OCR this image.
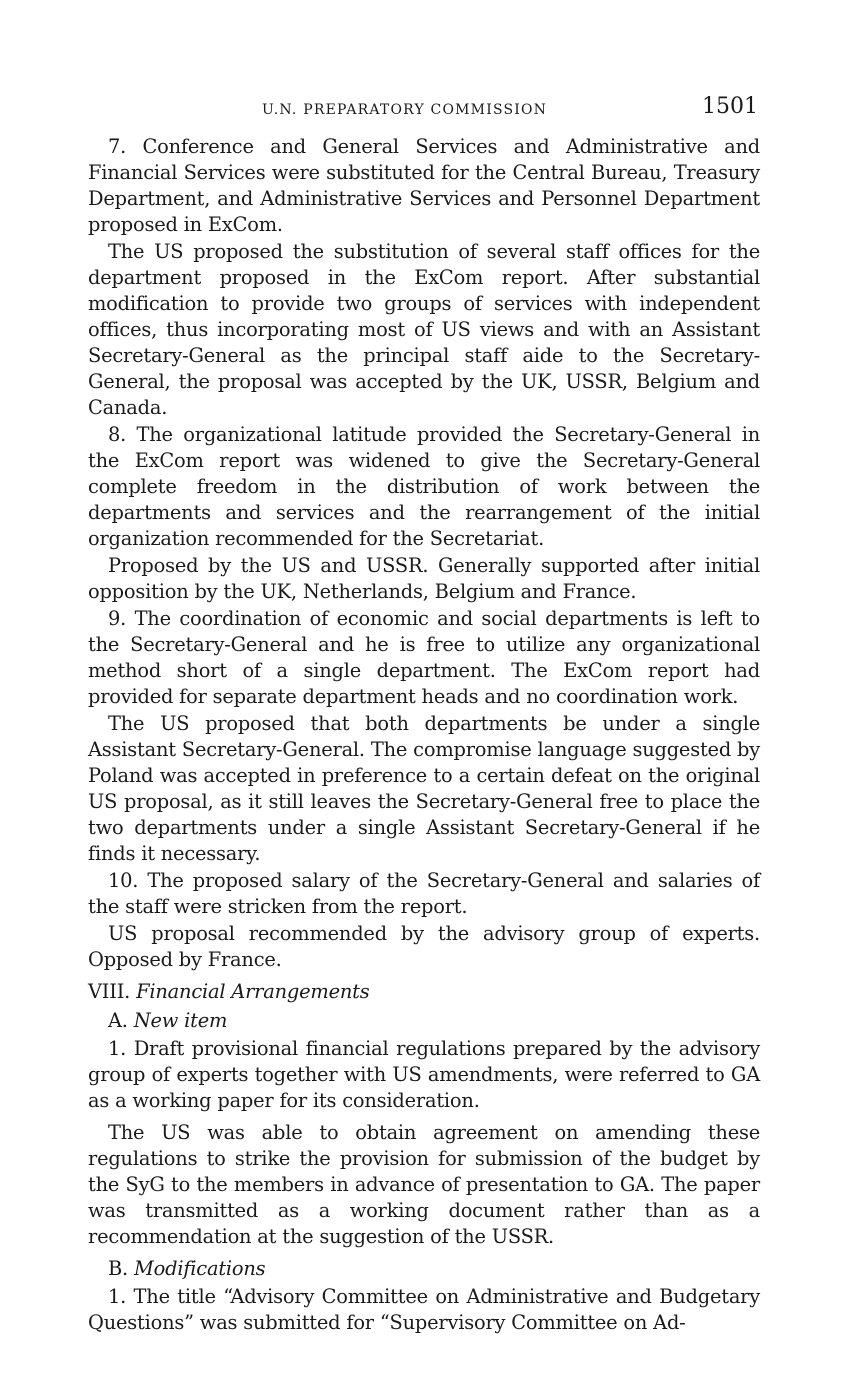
U.N. PREPARATORY COMMISSION	1501

7. Conference and General Services and Administrative and Financial Services were substituted for the Central Bureau, Treasury Department, and Administrative Services and Personnel Department proposed in ExCom.

The US proposed the substitution of several staff offices for the department proposed in the ExCom report. After substantial modification to provide two groups of services with independent offices, thus incorporating most of US views and with an Assistant Secretary-General as the principal staff aide to the Secretary-General, the proposal was accepted by the UK, USSR, Belgium and Canada.

8. The organizational latitude provided the Secretary-General in the ExCom report was widened to give the Secretary-General complete freedom in the distribution of work between the departments and services and the rearrangement of the initial organization recommended for the Secretariat.

Proposed by the US and USSR. Generally supported after initial opposition by the UK, Netherlands, Belgium and France.

9. The coordination of economic and social departments is left to the Secretary-General and he is free to utilize any organizational method short of a single department. The ExCom report had provided for separate department heads and no coordination work.

The US proposed that both departments be under a single Assistant Secretary-General. The compromise language suggested by Poland was accepted in preference to a certain defeat on the original US proposal, as it still leaves the Secretary-General free to place the two departments under a single Assistant Secretary-General if he finds it necessary.

10. The proposed salary of the Secretary-General and salaries of the staff were stricken from the report.

US proposal recommended by the advisory group of experts. Opposed by France.

VIII. Financial Arrangements

A. New item

1. Draft provisional financial regulations prepared by the advisory group of experts together with US amendments, were referred to GA as a working paper for its consideration.

The US was able to obtain agreement on amending these regulations to strike the provision for submission of the budget by the SyG to the members in advance of presentation to GA. The paper was transmitted as a working document rather than as a recommendation at the suggestion of the USSR.

B. Modifications

1. The title “Advisory Committee on Administrative and Budgetary Questions” was submitted for “Supervisory Committee on Ad-
